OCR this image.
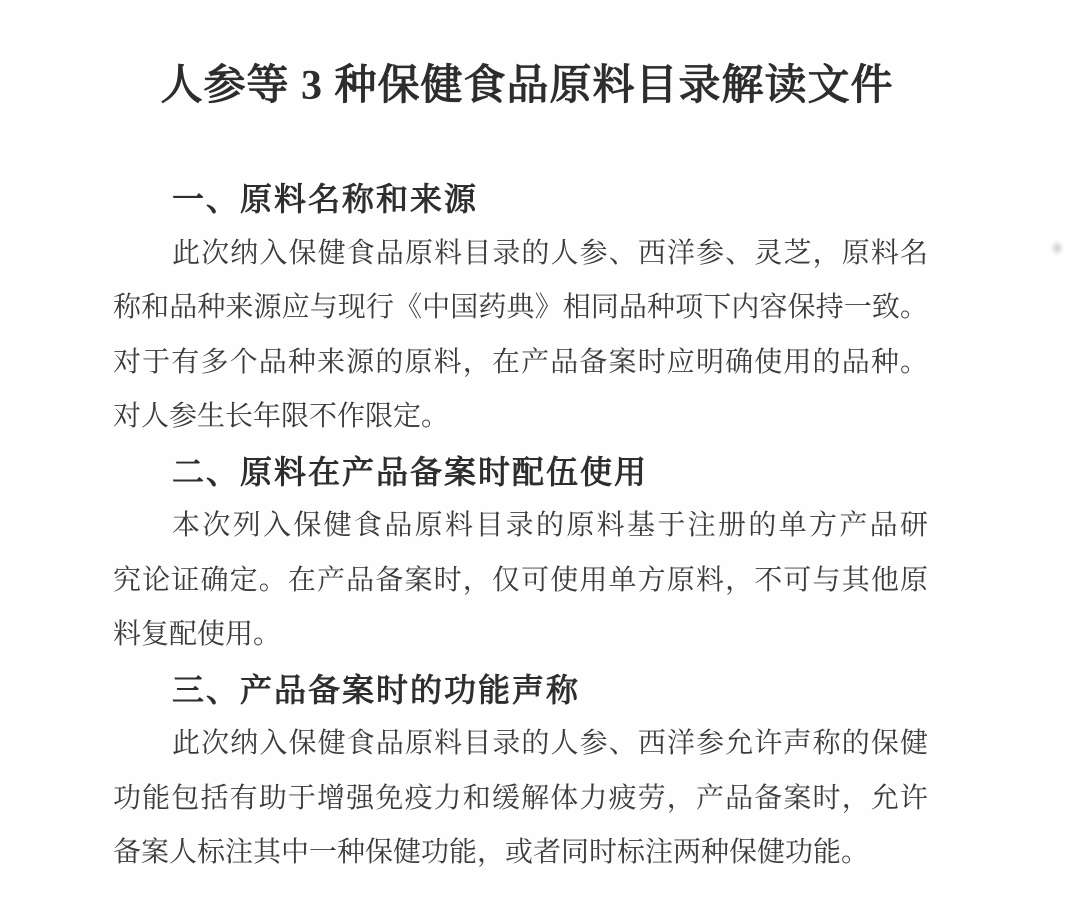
人参等 3 种保健食品原料目录解读文件
一、原料名称和来源
此次纳入保健食品原料目录的人参、西洋参、灵芝，原料名
称和品种来源应与现行《中国药典》相同品种项下内容保持一致。
对于有多个品种来源的原料，在产品备案时应明确使用的品种。
对人参生长年限不作限定。
二、原料在产品备案时配伍使用
本次列入保健食品原料目录的原料基于注册的单方产品研
究论证确定。在产品备案时，仅可使用单方原料，不可与其他原
料复配使用。
三、产品备案时的功能声称
此次纳入保健食品原料目录的人参、西洋参允许声称的保健
功能包括有助于增强免疫力和缓解体力疲劳，产品备案时，允许
备案人标注其中一种保健功能，或者同时标注两种保健功能。
